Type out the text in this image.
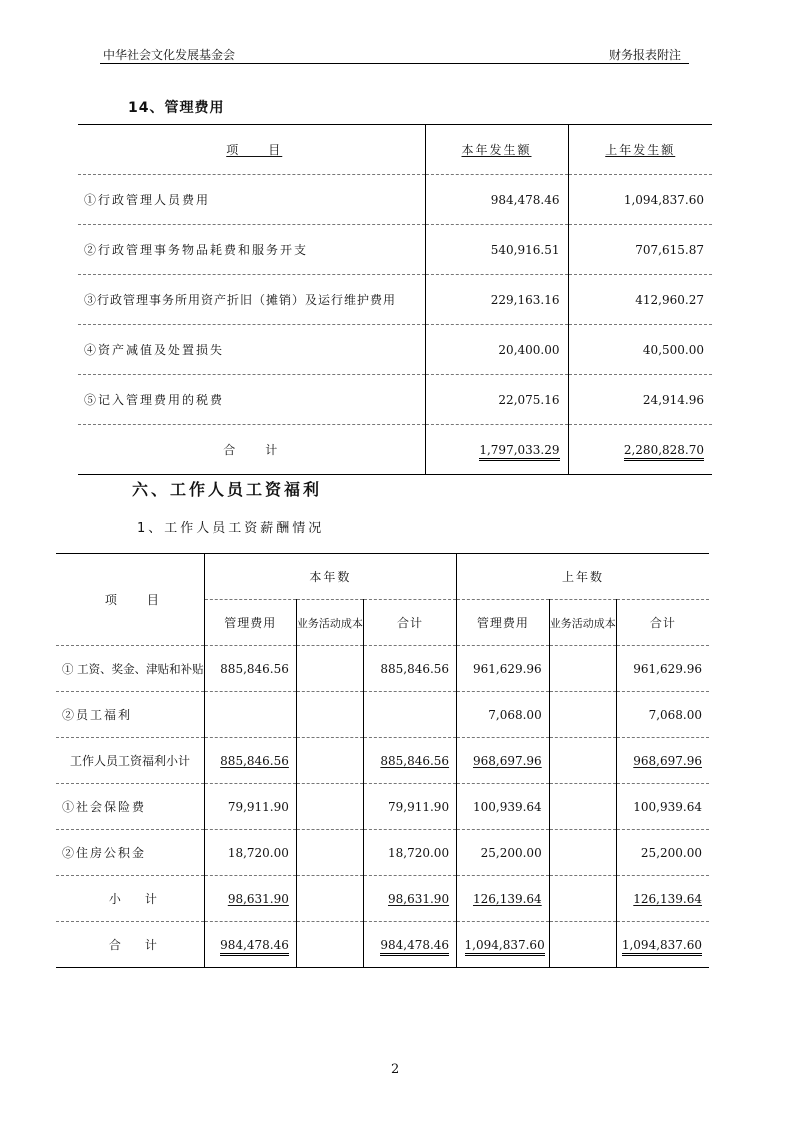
中华社会文化发展基金会	财务报表附注
14、管理费用
项　　目	本年发生额	上年发生额
①行政管理人员费用	984,478.46	1,094,837.60
②行政管理事务物品耗费和服务开支	540,916.51	707,615.87
③行政管理事务所用资产折旧（摊销）及运行维护费用	229,163.16	412,960.27
④资产减值及处置损失	20,400.00	40,500.00
⑤记入管理费用的税费	22,075.16	24,914.96
合　　计	1,797,033.29	2,280,828.70
六、工作人员工资福利
1、工作人员工资薪酬情况
项　　目	本年数			上年数		
	管理费用	业务活动成本	合计	管理费用	业务活动成本	合计
① 工资、奖金、津贴和补贴	885,846.56		885,846.56	961,629.96		961,629.96
②员工福利				7,068.00		7,068.00
工作人员工资福利小计	885,846.56		885,846.56	968,697.96		968,697.96
①社会保险费	79,911.90		79,911.90	100,939.64		100,939.64
②住房公积金	18,720.00		18,720.00	25,200.00		25,200.00
小　　计	98,631.90		98,631.90	126,139.64		126,139.64
合　　计	984,478.46		984,478.46	1,094,837.60		1,094,837.60
2
